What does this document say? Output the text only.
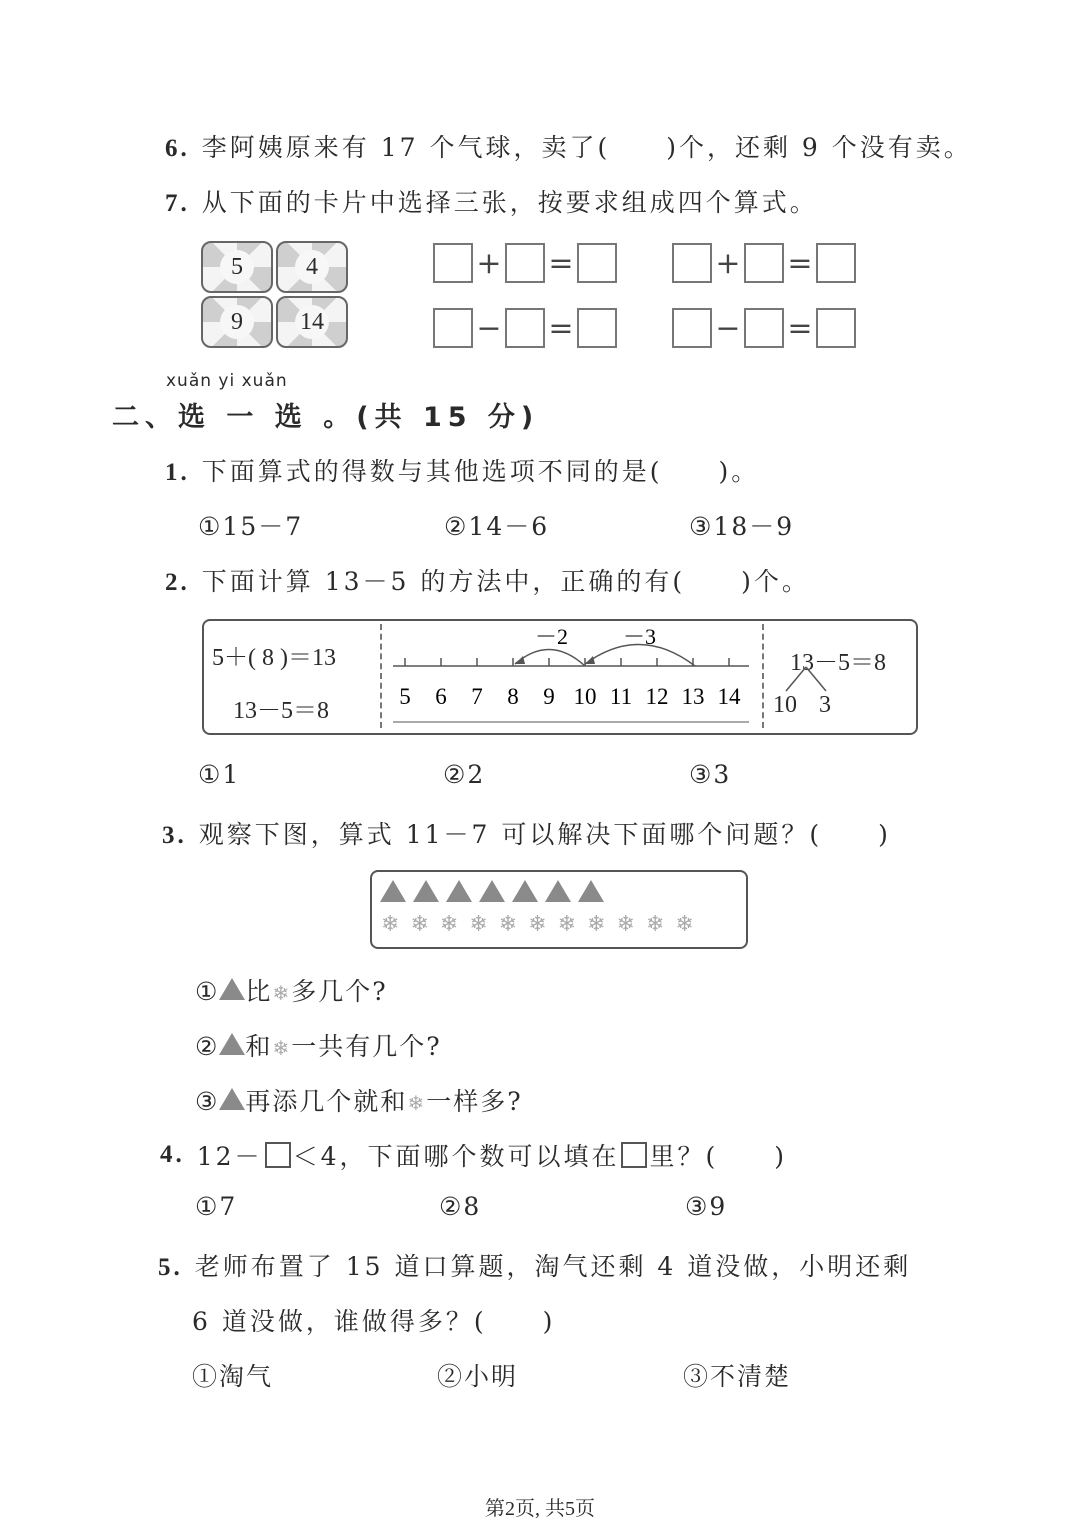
6. 李阿姨原来有 17 个气球，卖了(　　)个，还剩 9 个没有卖。
7. 从下面的卡片中选择三张，按要求组成四个算式。
5	4
9	14
+ =	+ =
− =	− =
xuǎn yi xuǎn
二、选 一 选 。(共 15 分)
1. 下面算式的得数与其他选项不同的是(　　)。
①15－7	②14－6	③18－9
2. 下面计算 13－5 的方法中，正确的有(　　)个。
5＋( 8 )＝13
13－5＝8
5 6 7 8 9 10 11 12 13 14
－2 －3
13－5＝8
10 3
①1	②2	③3
3. 观察下图，算式 11－7 可以解决下面哪个问题？(　　)
❄ ❄ ❄ ❄ ❄ ❄ ❄ ❄ ❄ ❄ ❄
① 比❄多几个?
② 和❄一共有几个?
③ 再添几个就和❄一样多?
4. 12－ ＜4，下面哪个数可以填在 里？(　　)
①7	②8	③9
5. 老师布置了 15 道口算题，淘气还剩 4 道没做，小明还剩
6 道没做，谁做得多？(　　)
①淘气	②小明	③不清楚
第2页, 共5页
